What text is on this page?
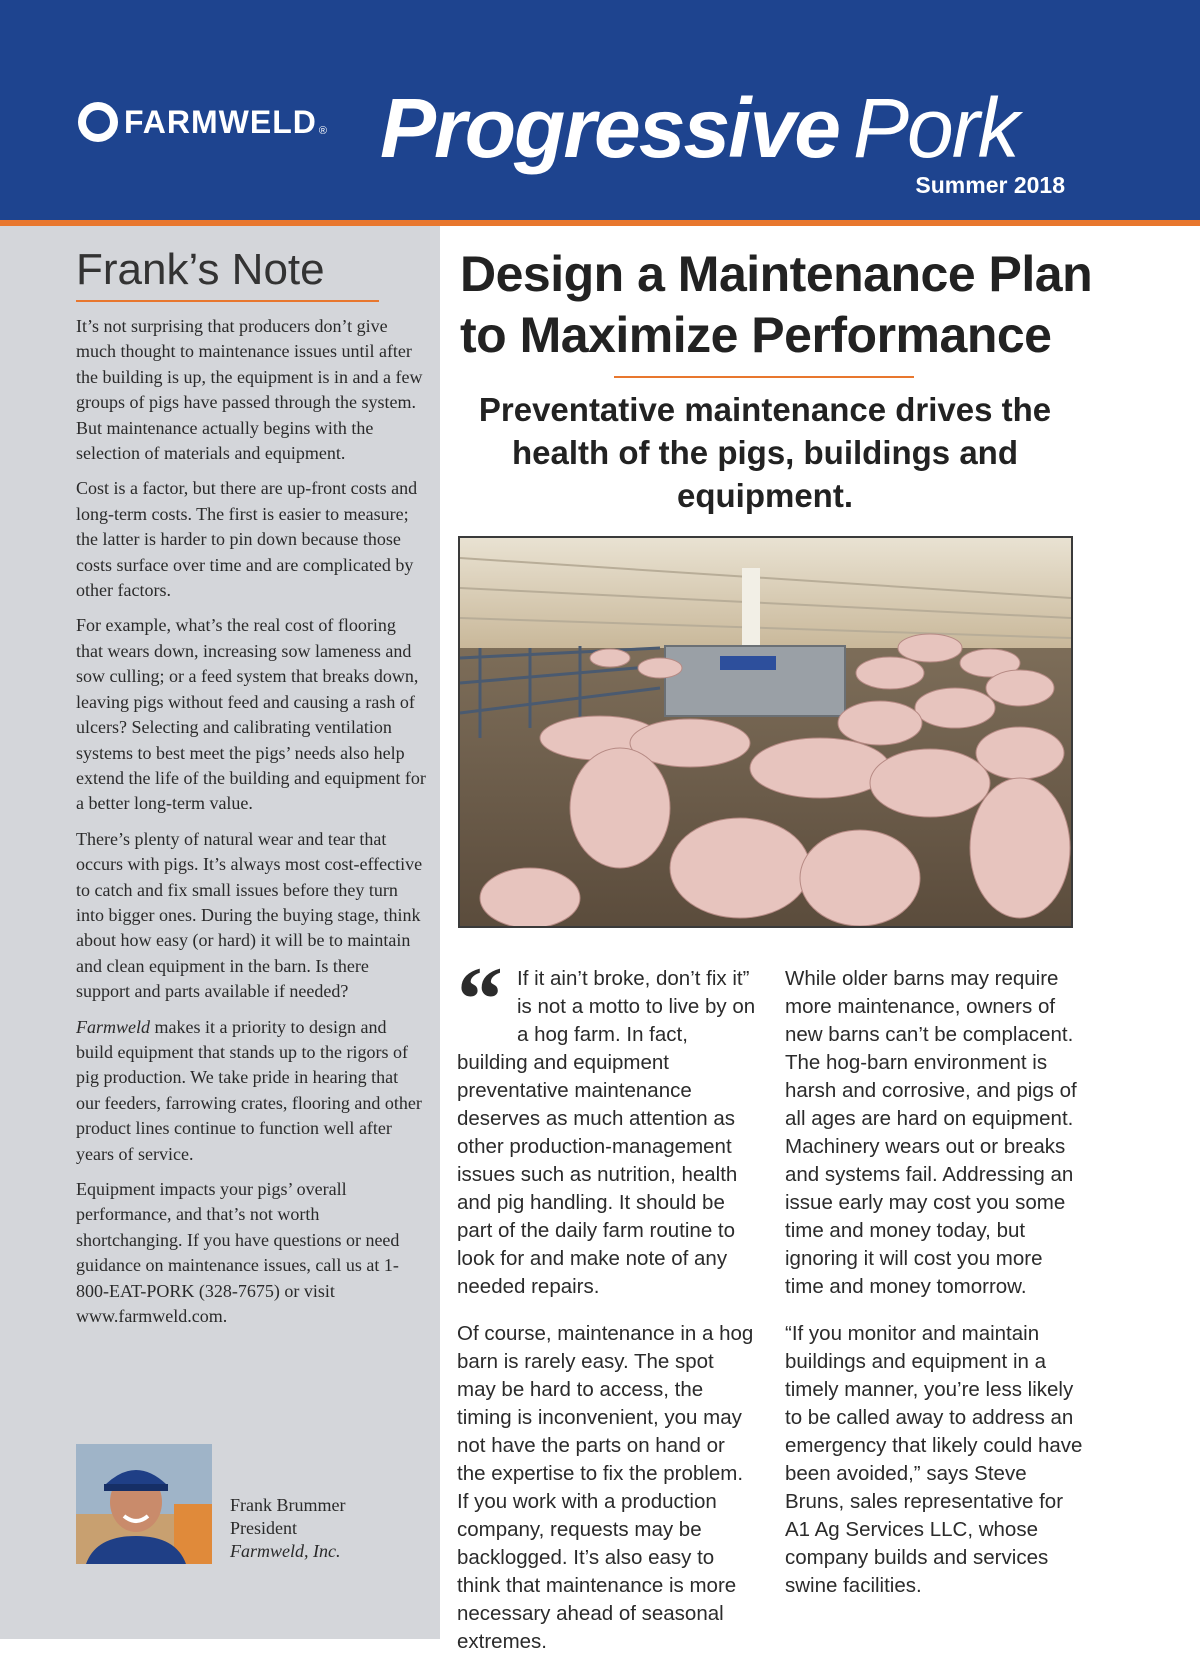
FARMWELD ® Progressive Pork
Summer 2018
Frank’s Note

It’s not surprising that producers don’t give much thought to maintenance issues until after the building is up, the equipment is in and a few groups of pigs have passed through the system. But maintenance actually begins with the selection of materials and equipment.

Cost is a factor, but there are up-front costs and long-term costs. The first is easier to measure; the latter is harder to pin down because those costs surface over time and are complicated by other factors.

For example, what’s the real cost of flooring that wears down, increasing sow lameness and sow culling; or a feed system that breaks down, leaving pigs without feed and causing a rash of ulcers? Selecting and calibrating ventilation systems to best meet the pigs’ needs also help extend the life of the building and equipment for a better long-term value.

There’s plenty of natural wear and tear that occurs with pigs. It’s always most cost-effective to catch and fix small issues before they turn into bigger ones. During the buying stage, think about how easy (or hard) it will be to maintain and clean equipment in the barn. Is there support and parts available if needed?

Farmweld makes it a priority to design and build equipment that stands up to the rigors of pig production. We take pride in hearing that our feeders, farrowing crates, flooring and other product lines continue to function well after years of service.

Equipment impacts your pigs’ overall performance, and that’s not worth shortchanging. If you have questions or need guidance on maintenance issues, call us at 1-800-EAT-PORK (328-7675) or visit www.farmweld.com.

Frank Brummer
President
Farmweld, Inc.
Design a Maintenance Plan to Maximize Performance
Preventative maintenance drives the health of the pigs, buildings and equipment.

“ If it ain’t broke, don’t fix it” is not a motto to live by on a hog farm. In fact, building and equipment preventative maintenance deserves as much attention as other production-management issues such as nutrition, health and pig handling. It should be part of the daily farm routine to look for and make note of any needed repairs.

Of course, maintenance in a hog barn is rarely easy. The spot may be hard to access, the timing is inconvenient, you may not have the parts on hand or the expertise to fix the problem. If you work with a production company, requests may be backlogged. It’s also easy to think that maintenance is more necessary ahead of seasonal extremes.

While older barns may require more maintenance, owners of new barns can’t be complacent. The hog-barn environment is harsh and corrosive, and pigs of all ages are hard on equipment. Machinery wears out or breaks and systems fail. Addressing an issue early may cost you some time and money today, but ignoring it will cost you more time and money tomorrow.

“If you monitor and maintain buildings and equipment in a timely manner, you’re less likely to be called away to address an emergency that likely could have been avoided,” says Steve Bruns, sales representative for A1 Ag Services LLC, whose company builds and services swine facilities.
